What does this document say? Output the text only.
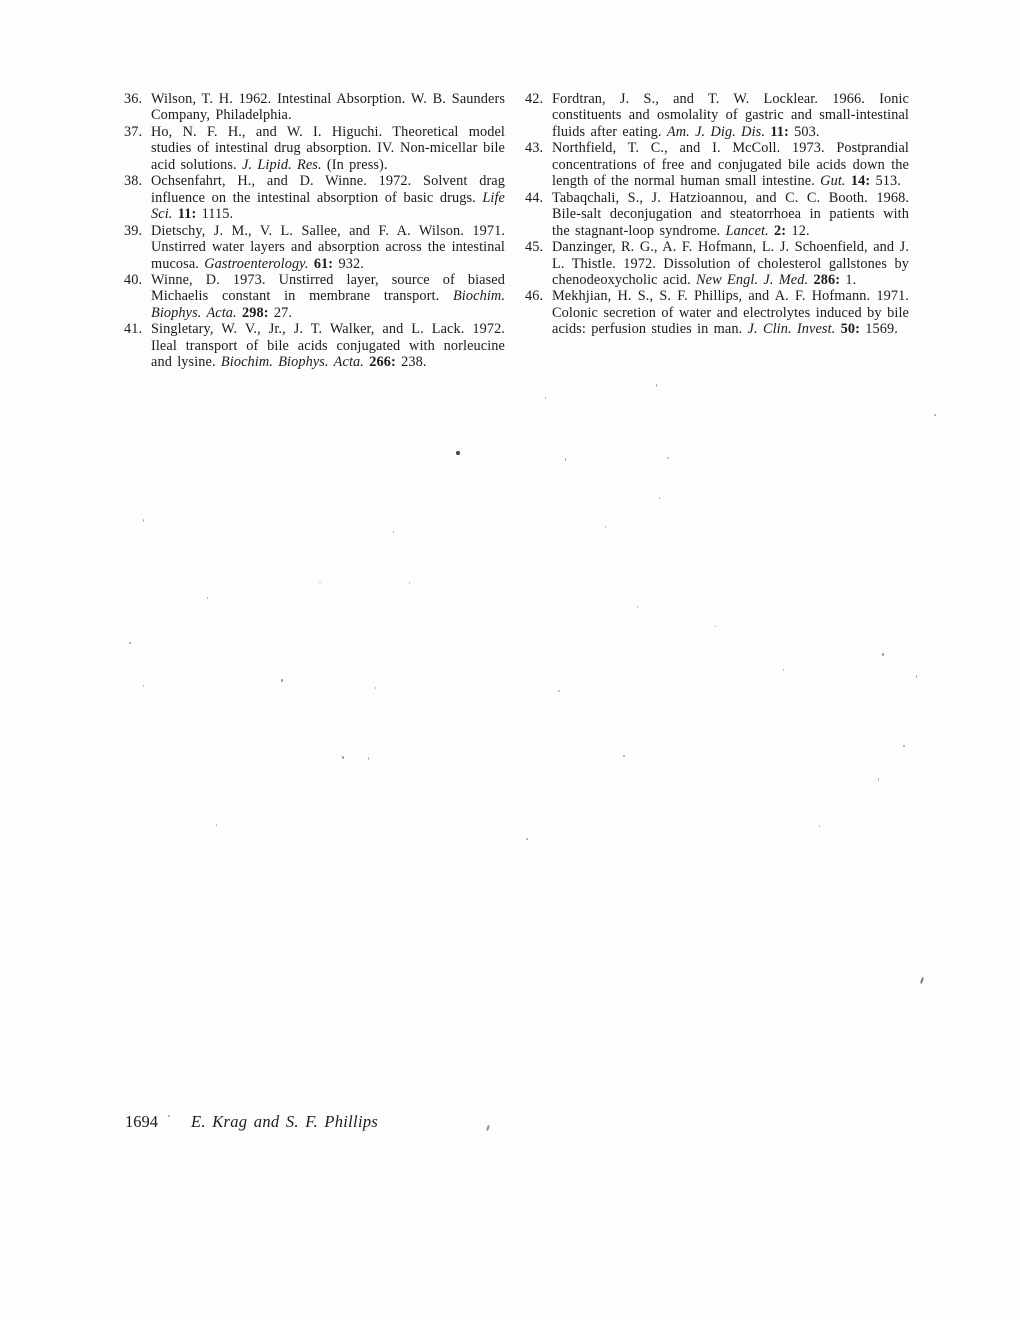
36. Wilson, T. H. 1962. Intestinal Absorption. W. B. Saunders Company, Philadelphia.
37. Ho, N. F. H., and W. I. Higuchi. Theoretical model studies of intestinal drug absorption. IV. Non-micellar bile acid solutions. J. Lipid. Res. (In press).
38. Ochsenfahrt, H., and D. Winne. 1972. Solvent drag influence on the intestinal absorption of basic drugs. Life Sci. 11: 1115.
39. Dietschy, J. M., V. L. Sallee, and F. A. Wilson. 1971. Unstirred water layers and absorption across the intestinal mucosa. Gastroenterology. 61: 932.
40. Winne, D. 1973. Unstirred layer, source of biased Michaelis constant in membrane transport. Biochim. Biophys. Acta. 298: 27.
41. Singletary, W. V., Jr., J. T. Walker, and L. Lack. 1972. Ileal transport of bile acids conjugated with norleucine and lysine. Biochim. Biophys. Acta. 266: 238.
42. Fordtran, J. S., and T. W. Locklear. 1966. Ionic constituents and osmolality of gastric and small-intestinal fluids after eating. Am. J. Dig. Dis. 11: 503.
43. Northfield, T. C., and I. McColl. 1973. Postprandial concentrations of free and conjugated bile acids down the length of the normal human small intestine. Gut. 14: 513.
44. Tabaqchali, S., J. Hatzioannou, and C. C. Booth. 1968. Bile-salt deconjugation and steatorrhoea in patients with the stagnant-loop syndrome. Lancet. 2: 12.
45. Danzinger, R. G., A. F. Hofmann, L. J. Schoenfield, and J. L. Thistle. 1972. Dissolution of cholesterol gallstones by chenodeoxycholic acid. New Engl. J. Med. 286: 1.
46. Mekhjian, H. S., S. F. Phillips, and A. F. Hofmann. 1971. Colonic secretion of water and electrolytes induced by bile acids: perfusion studies in man. J. Clin. Invest. 50: 1569.
1694 E. Krag and S. F. Phillips
